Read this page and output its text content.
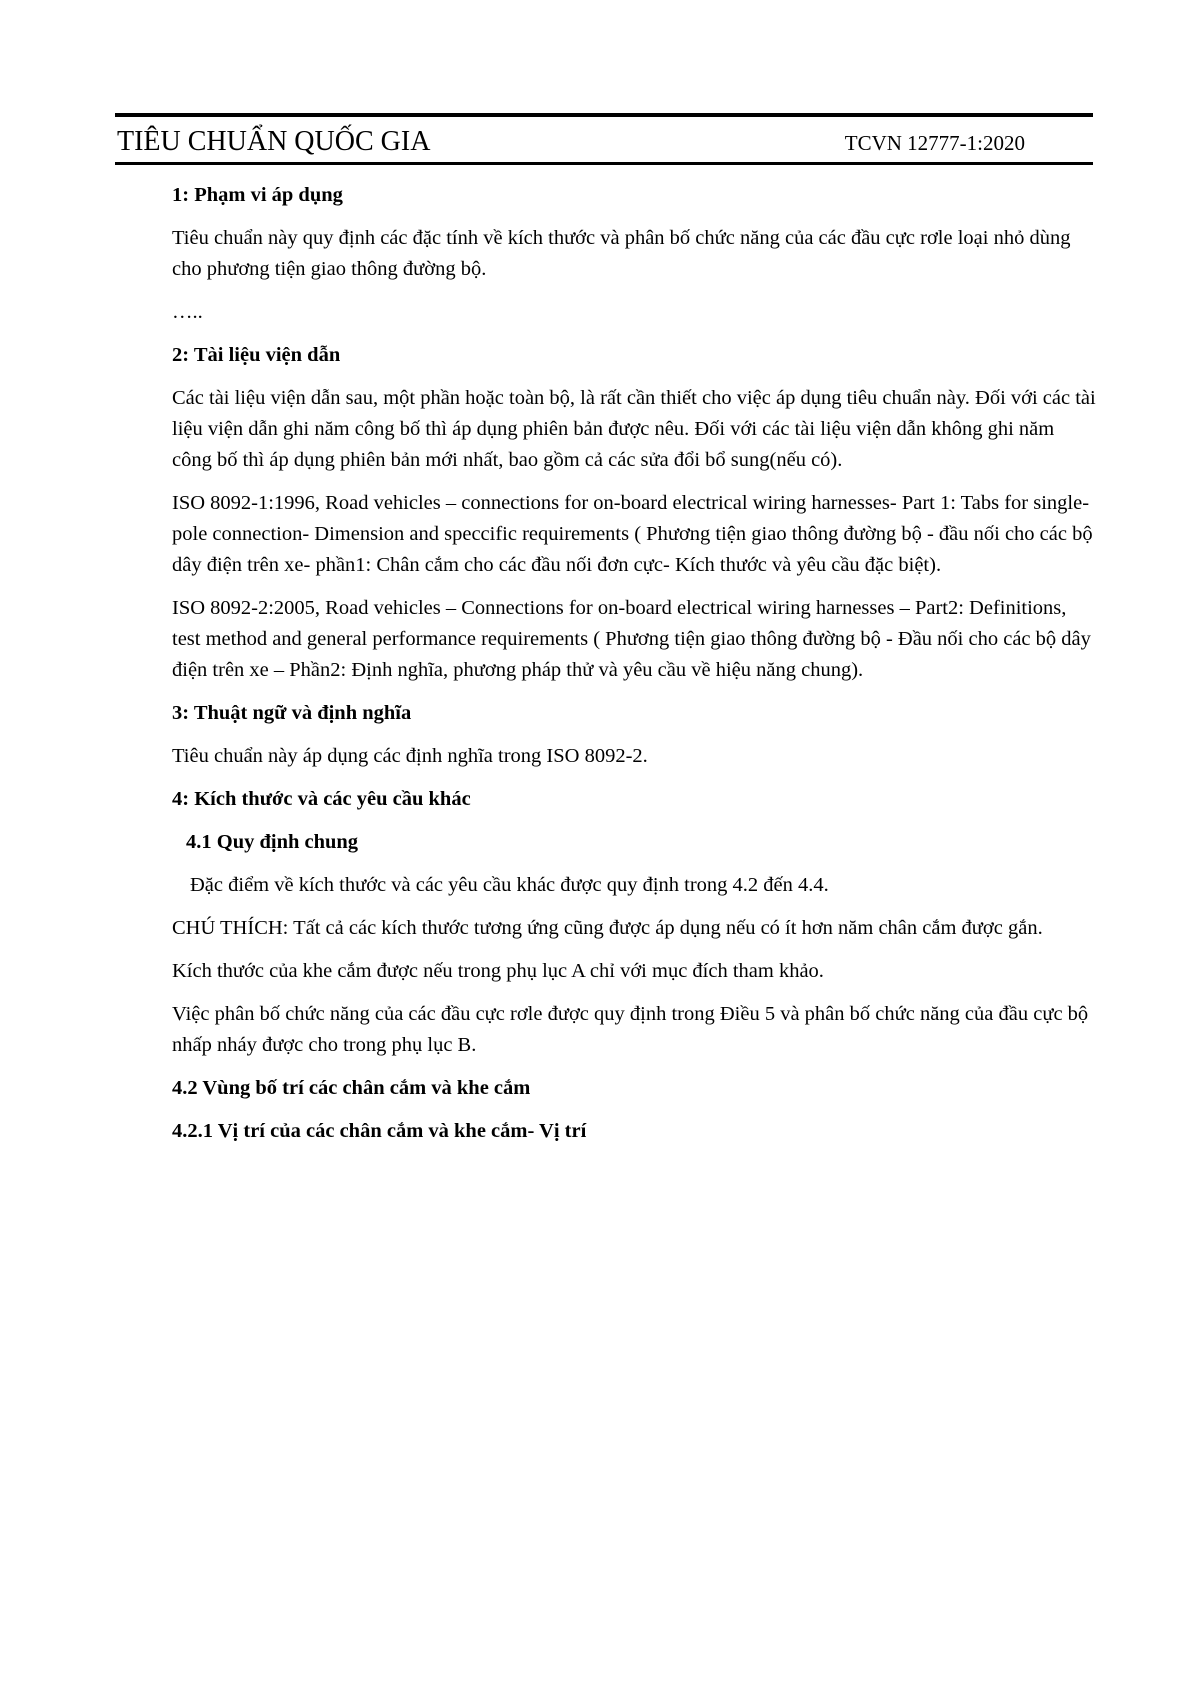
TIÊU CHUẨN QUỐC GIA	TCVN 12777-1:2020
1: Phạm vi áp dụng

Tiêu chuẩn này quy định các đặc tính về kích thước và phân bố chức năng của các đầu cực rơle loại nhỏ dùng cho phương tiện giao thông đường bộ.

…..

2: Tài liệu viện dẫn

Các tài liệu viện dẫn sau, một phần hoặc toàn bộ, là rất cần thiết cho việc áp dụng tiêu chuẩn này. Đối với các tài liệu viện dẫn ghi năm công bố thì áp dụng phiên bản được nêu. Đối với các tài liệu viện dẫn không ghi năm công bố thì áp dụng phiên bản mới nhất, bao gồm cả các sửa đổi bổ sung(nếu có).

ISO 8092-1:1996, Road vehicles – connections for on-board electrical wiring harnesses- Part 1: Tabs for single- pole connection- Dimension and speccific requirements ( Phương tiện giao thông đường bộ - đầu nối cho các bộ dây điện trên xe- phần1: Chân cắm cho các đầu nối đơn cực- Kích thước và yêu cầu đặc biệt).

ISO 8092-2:2005, Road vehicles – Connections for on-board electrical wiring harnesses – Part2: Definitions, test method and general performance requirements ( Phương tiện giao thông đường bộ - Đầu nối cho các bộ dây điện trên xe – Phần2: Định nghĩa, phương pháp thử và yêu cầu về hiệu năng chung).

3: Thuật ngữ và định nghĩa

Tiêu chuẩn này áp dụng các định nghĩa trong ISO 8092-2.

4: Kích thước và các yêu cầu khác
4.1 Quy định chung

Đặc điểm về kích thước và các yêu cầu khác được quy định trong 4.2 đến 4.4.

CHÚ THÍCH: Tất cả các kích thước tương ứng cũng được áp dụng nếu có ít hơn năm chân cắm được gắn.

Kích thước của khe cắm được nếu trong phụ lục A chỉ với mục đích tham khảo.

Việc phân bố chức năng của các đầu cực rơle được quy định trong Điều 5 và phân bố chức năng của đầu cực bộ nhấp nháy được cho trong phụ lục B.

4.2 Vùng bố trí các chân cắm và khe cắm
4.2.1 Vị trí của các chân cắm và khe cắm- Vị trí
